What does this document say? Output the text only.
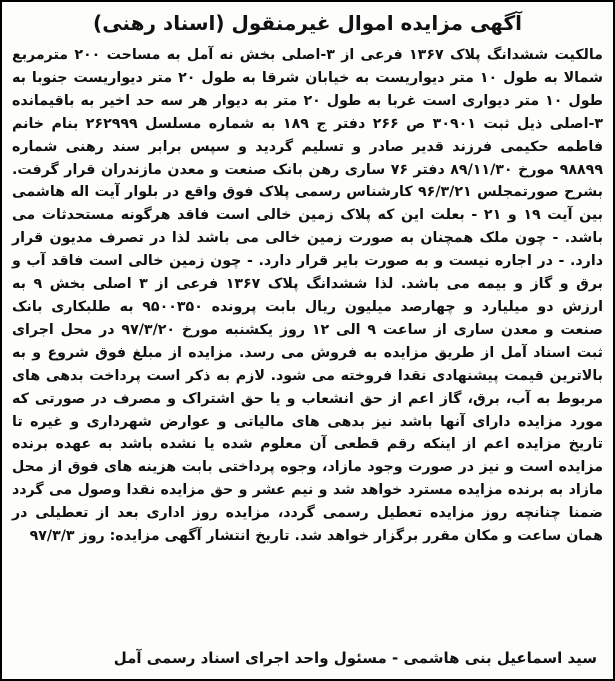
آگهی مزایده اموال غیرمنقول (اسناد رهنی)

مالکیت ششدانگ پلاک ۱۳۶۷ فرعی از ۳-اصلی بخش نه آمل به مساحت ۲۰۰ مترمربع شمالا به طول ۱۰ متر دیواریست به خیابان شرقا به طول ۲۰ متر دیواریست جنوبا به طول ۱۰ متر دیواری است غربا به طول ۲۰ متر به دیوار هر سه حد اخیر به باقیمانده ۳-اصلی ذیل ثبت ۳۰۹۰۱ ص ۲۶۶ دفتر ج ۱۸۹ به شماره مسلسل ۲۶۲۹۹۹ بنام خانم فاطمه حکیمی فرزند قدیر صادر و تسلیم گردید و سپس برابر سند رهنی شماره ۹۸۸۹۹ مورخ ۸۹/۱۱/۳۰ دفتر ۷۶ ساری رهن بانک صنعت و معدن مازندران قرار گرفت. بشرح صورتمجلس ۹۶/۳/۲۱ کارشناس رسمی پلاک فوق واقع در بلوار آیت اله هاشمی بین آیت ۱۹ و ۲۱ - بعلت این که پلاک زمین خالی است فاقد هرگونه مستحدثات می باشد. - چون ملک همچنان به صورت زمین خالی می باشد لذا در تصرف مدیون قرار دارد. - در اجاره نیست و به صورت بایر قرار دارد. - چون زمین خالی است فاقد آب و برق و گاز و بیمه می باشد. لذا ششدانگ پلاک ۱۳۶۷ فرعی از ۳ اصلی بخش ۹ به ارزش دو میلیارد و چهارصد میلیون ریال بابت پرونده ۹۵۰۰۳۵۰ به طلبکاری بانک صنعت و معدن ساری از ساعت ۹ الی ۱۲ روز یکشنبه مورخ ۹۷/۳/۲۰ در محل اجرای ثبت اسناد آمل از طریق مزایده به فروش می رسد. مزایده از مبلغ فوق شروع و به بالاترین قیمت پیشنهادی نقدا فروخته می شود. لازم به ذکر است پرداخت بدهی های مربوط به آب، برق، گاز اعم از حق انشعاب و یا حق اشتراک و مصرف در صورتی که مورد مزایده دارای آنها باشد نیز بدهی های مالیاتی و عوارض شهرداری و غیره تا تاریخ مزایده اعم از اینکه رقم قطعی آن معلوم شده یا نشده باشد به عهده برنده مزایده است و نیز در صورت وجود مازاد، وجوه پرداختی بابت هزینه های فوق از محل مازاد به برنده مزایده مسترد خواهد شد و نیم عشر و حق مزایده نقدا وصول می گردد ضمنا چنانچه روز مزایده تعطیل رسمی گردد، مزایده روز اداری بعد از تعطیلی در همان ساعت و مکان مقرر برگزار خواهد شد. تاریخ انتشار آگهی مزایده: روز ۹۷/۳/۳

سید اسماعیل بنی هاشمی - مسئول واحد اجرای اسناد رسمی آمل
